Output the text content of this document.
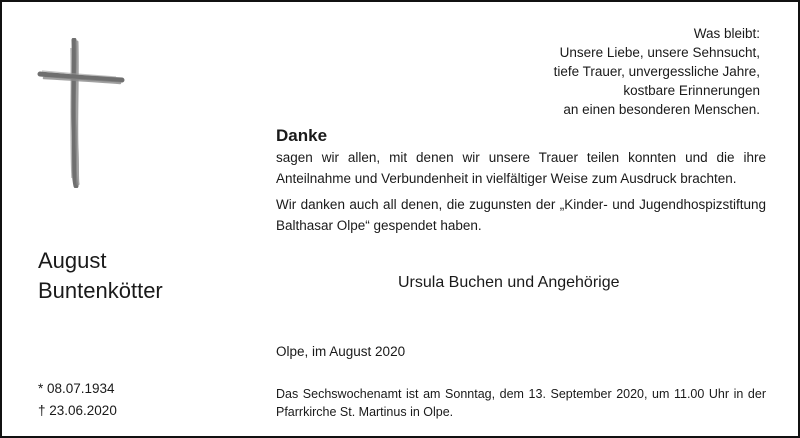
Was bleibt:
Unsere Liebe, unsere Sehnsucht,
tiefe Trauer, unvergessliche Jahre,
kostbare Erinnerungen
an einen besonderen Menschen.
Danke
sagen wir allen, mit denen wir unsere Trauer teilen konnten und die ihre Anteilnahme und Verbundenheit in vielfältiger Weise zum Ausdruck brachten.
Wir danken auch all denen, die zugunsten der „Kinder- und Jugendhospizstiftung Balthasar Olpe“ gespendet haben.
August
Buntenkötter	Ursula Buchen und Angehörige
Olpe, im August 2020
* 08.07.1934
† 23.06.2020
Das Sechswochenamt ist am Sonntag, dem 13. September 2020, um 11.00 Uhr in der Pfarrkirche St. Martinus in Olpe.
